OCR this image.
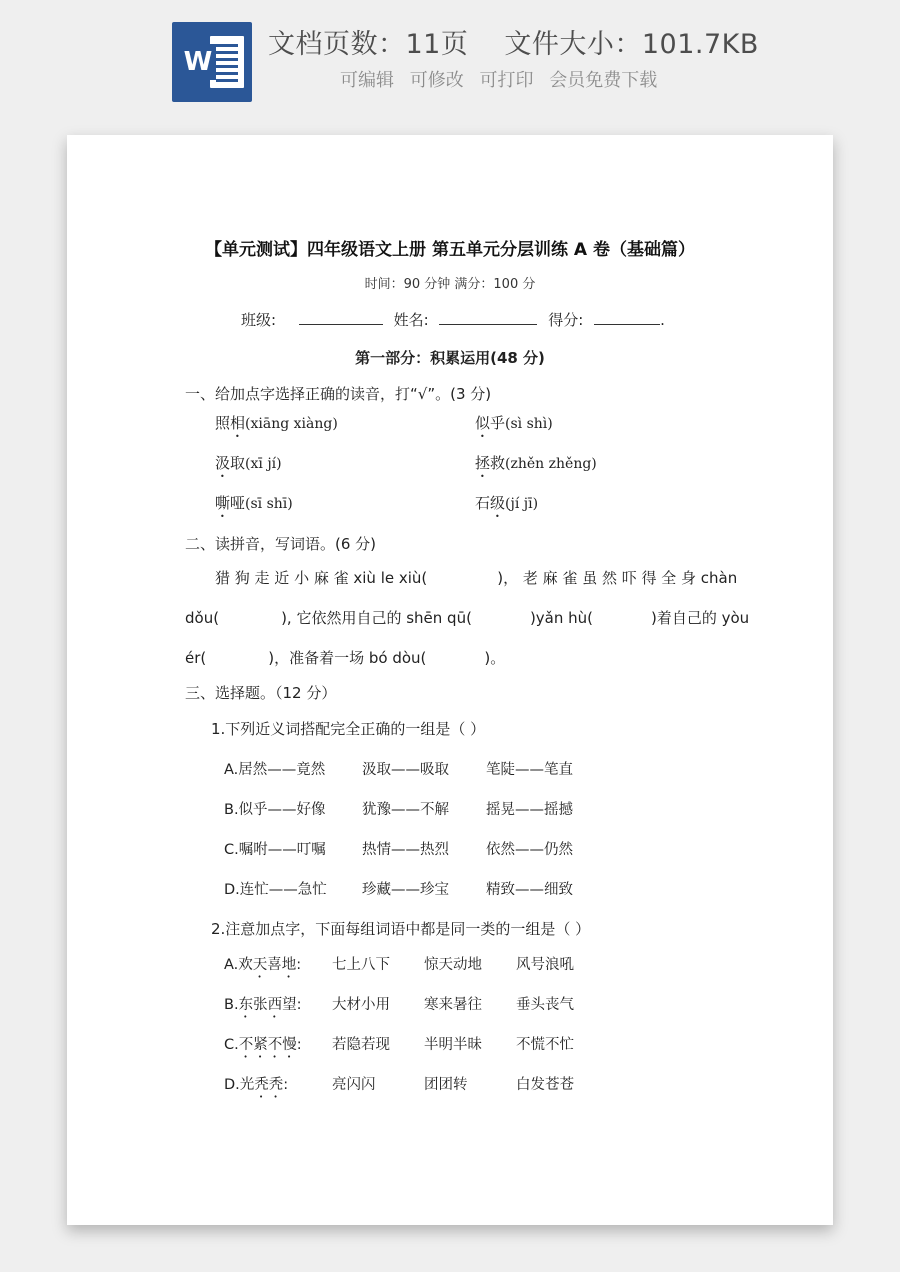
W
文档页数：11页 文件大小：101.7KB
可编辑 可修改 可打印 会员免费下载
【单元测试】四年级语文上册 第五单元分层训练 A 卷（基础篇）
时间：90 分钟 满分：100 分
班级:	姓名:	得分:	.
第一部分：积累运用(48 分)
一、给加点字选择正确的读音，打“√”。(3 分)
照相(xiāng xiàng)	似乎(sì shì)
汲取(xī jí)	拯救(zhěn zhěng)
嘶哑(sī shī)	石级(jí jī)
二、读拼音，写词语。(6 分)
猎 狗 走 近 小 麻 雀 xiù le xiù(	)， 老 麻 雀 虽 然 吓 得 全 身 chàn
dǒu(	), 它依然用自己的 shēn qū(	)yǎn hù(	)着自己的 yòu
ér(	)，准备着一场 bó dòu(	)。
三、选择题。（12 分）
1.下列近义词搭配完全正确的一组是（ ）
A.居然——竟然	汲取——吸取	笔陡——笔直
B.似乎——好像	犹豫——不解	摇晃——摇撼
C.嘱咐——叮嘱	热情——热烈	依然——仍然
D.连忙——急忙 珍藏——珍宝	精致——细致
2.注意加点字，下面每组词语中都是同一类的一组是（ ）
A.欢天喜地: 七上八下 惊天动地 风号浪吼
B.东张西望: 大材小用 寒来暑往 垂头丧气
C.不紧不慢: 若隐若现 半明半昧 不慌不忙
D.光秃秃:	亮闪闪	团团转	白发苍苍
